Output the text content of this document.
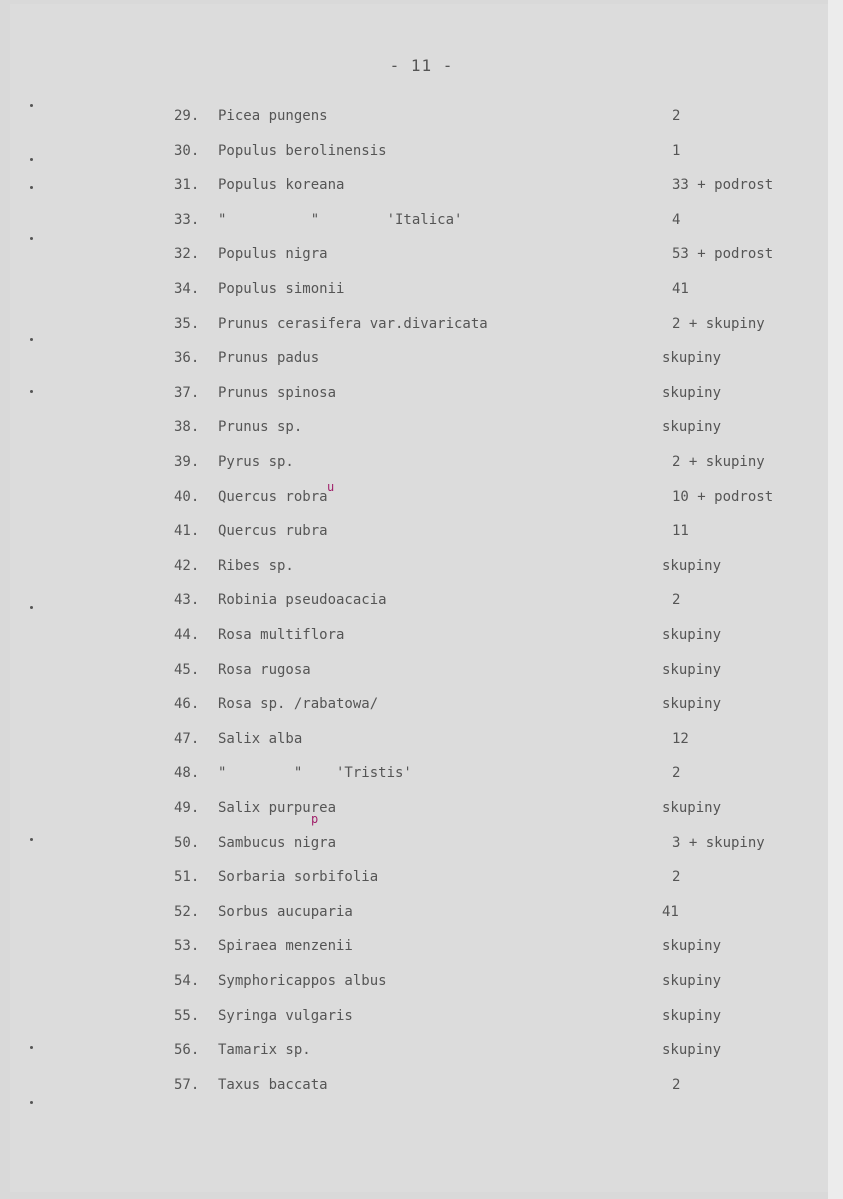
- 11 -
29. Picea pungens	2
30. Populus berolinensis	1
31. Populus koreana	33 + podrost
33. "          "        'Italica'	4
32. Populus nigra	53 + podrost
34. Populus simonii	41
35. Prunus cerasifera var.divaricata	2 + skupiny
36. Prunus padus	skupiny
37. Prunus spinosa	skupiny
38. Prunus sp.	skupiny
39. Pyrus sp.	2 + skupiny
40. Quercus robra	10 + podrost
41. Quercus rubra	11
42. Ribes sp.	skupiny
43. Robinia pseudoacacia	2
44. Rosa multiflora	skupiny
45. Rosa rugosa	skupiny
46. Rosa sp. /rabatowa/	skupiny
47. Salix alba	12
48. "        "    'Tristis'	2
49. Salix purpurea	skupiny
50. Sambucus nigra	3 + skupiny
51. Sorbaria sorbifolia	2
52. Sorbus aucuparia	41
53. Spiraea menzenii	skupiny
54. Symphoricappos albus	skupiny
55. Syringa vulgaris	skupiny
56. Tamarix sp.	skupiny
57. Taxus baccata	2
u
p
